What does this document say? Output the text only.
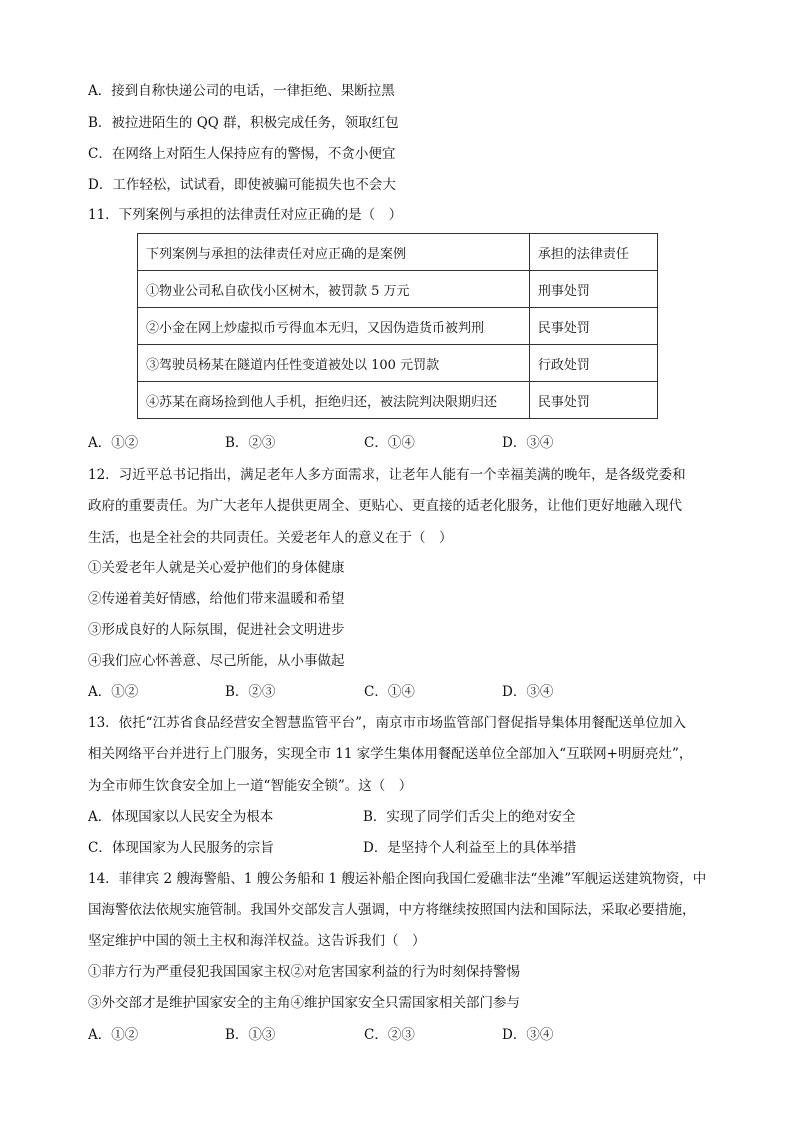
A．接到自称快递公司的电话，一律拒绝、果断拉黑
B．被拉进陌生的 QQ 群，积极完成任务，领取红包
C．在网络上对陌生人保持应有的警惕，不贪小便宜
D．工作轻松，试试看，即使被骗可能损失也不会大
11．下列案例与承担的法律责任对应正确的是（　）
下列案例与承担的法律责任对应正确的是案例	承担的法律责任
①物业公司私自砍伐小区树木，被罚款 5 万元	刑事处罚
②小金在网上炒虚拟币亏得血本无归，又因伪造货币被判刑	民事处罚
③驾驶员杨某在隧道内任性变道被处以 100 元罚款	行政处罚
④苏某在商场捡到他人手机，拒绝归还，被法院判决限期归还	民事处罚
A．①②	B．②③	C．①④	D．③④
12．习近平总书记指出，满足老年人多方面需求，让老年人能有一个幸福美满的晚年，是各级党委和
政府的重要责任。为广大老年人提供更周全、更贴心、更直接的适老化服务，让他们更好地融入现代
生活，也是全社会的共同责任。关爱老年人的意义在于（　）
①关爱老年人就是关心爱护他们的身体健康
②传递着美好情感，给他们带来温暖和希望
③形成良好的人际氛围，促进社会文明进步
④我们应心怀善意、尽己所能，从小事做起
A．①②	B．②③	C．①④	D．③④
13．依托“江苏省食品经营安全智慧监管平台”，南京市市场监管部门督促指导集体用餐配送单位加入
相关网络平台并进行上门服务，实现全市 11 家学生集体用餐配送单位全部加入“互联网+明厨亮灶”，
为全市师生饮食安全加上一道“智能安全锁”。这（　）
A．体现国家以人民安全为根本	B．实现了同学们舌尖上的绝对安全
C．体现国家为人民服务的宗旨	D．是坚持个人利益至上的具体举措
14．菲律宾 2 艘海警船、1 艘公务船和 1 艘运补船企图向我国仁爱礁非法“坐滩”军舰运送建筑物资，中
国海警依法依规实施管制。我国外交部发言人强调，中方将继续按照国内法和国际法，采取必要措施，
坚定维护中国的领土主权和海洋权益。这告诉我们（　）
①菲方行为严重侵犯我国国家主权②对危害国家利益的行为时刻保持警惕
③外交部才是维护国家安全的主角④维护国家安全只需国家相关部门参与
A．①②	B．①③	C．②③	D．③④
